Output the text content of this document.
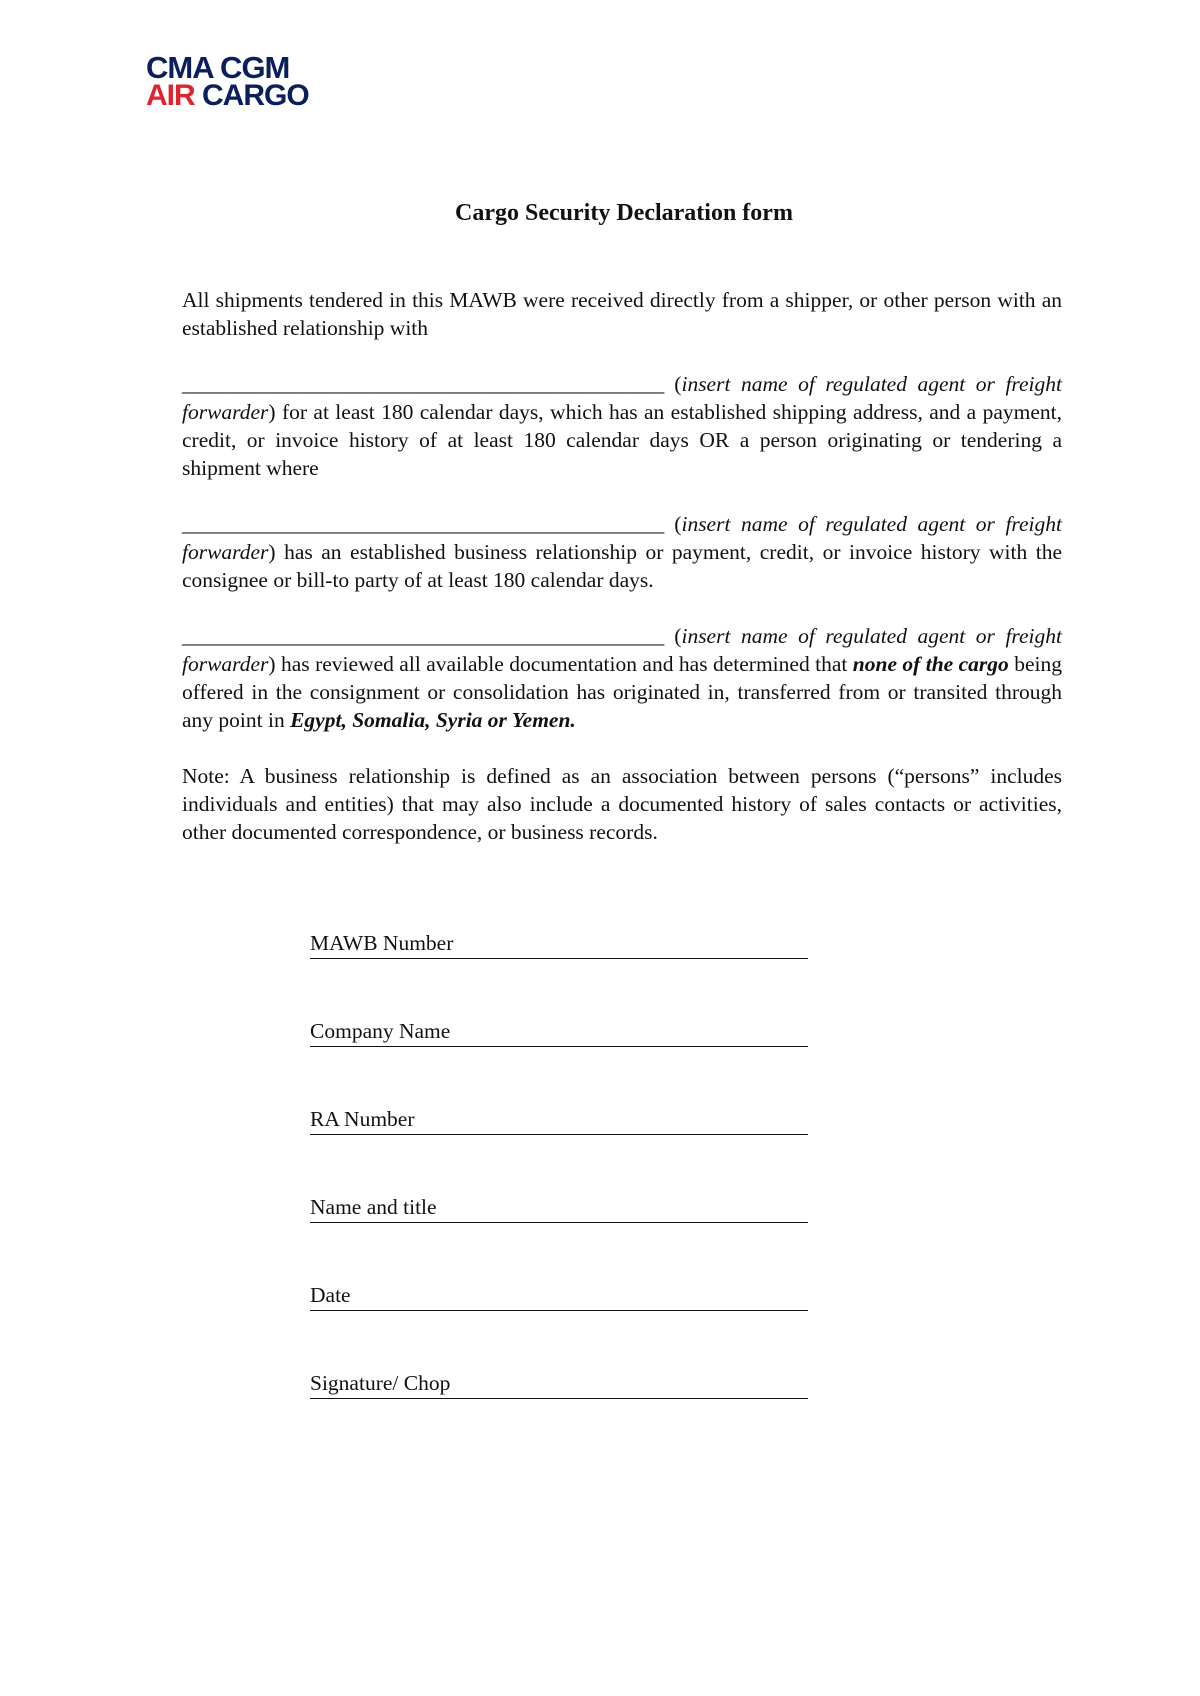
CMA CGM
AIR CARGO
Cargo Security Declaration form

All shipments tendered in this MAWB were received directly from a shipper, or other person with an established relationship with

_______________________________________________ (insert name of regulated agent or freight forwarder) for at least 180 calendar days, which has an established shipping address, and a payment, credit, or invoice history of at least 180 calendar days OR a person originating or tendering a shipment where

_______________________________________________ (insert name of regulated agent or freight forwarder) has an established business relationship or payment, credit, or invoice history with the consignee or bill-to party of at least 180 calendar days.

_______________________________________________ (insert name of regulated agent or freight forwarder) has reviewed all available documentation and has determined that none of the cargo being offered in the consignment or consolidation has originated in, transferred from or transited through any point in Egypt, Somalia, Syria or Yemen.

Note: A business relationship is defined as an association between persons (“persons” includes individuals and entities) that may also include a documented history of sales contacts or activities, other documented correspondence, or business records.

MAWB Number
Company Name
RA Number
Name and title
Date
Signature/ Chop
